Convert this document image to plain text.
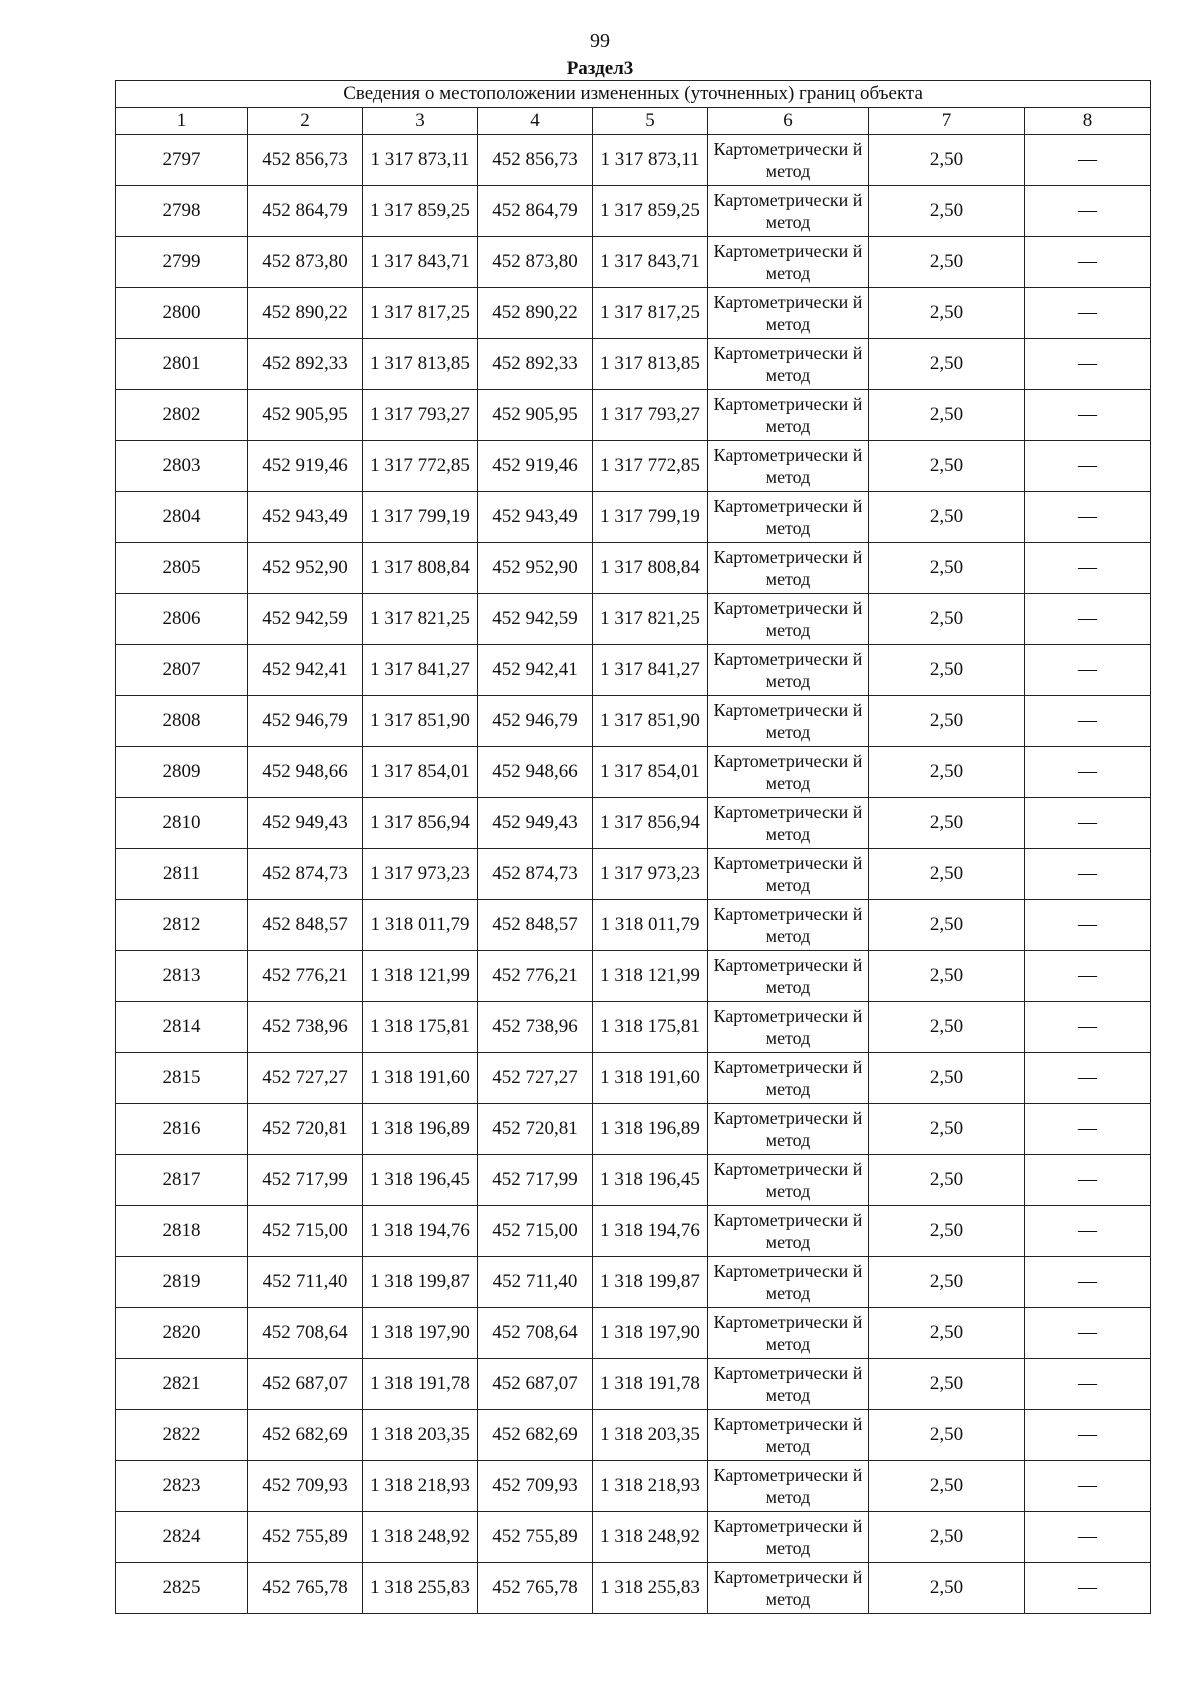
99
Раздел3
Сведения о местоположении измененных (уточненных) границ объекта							
1	2	3	4	5	6	7	8
2797	452 856,73	1 317 873,11	452 856,73	1 317 873,11	Картометрически й метод	2,50	—
2798	452 864,79	1 317 859,25	452 864,79	1 317 859,25	Картометрически й метод	2,50	—
2799	452 873,80	1 317 843,71	452 873,80	1 317 843,71	Картометрически й метод	2,50	—
2800	452 890,22	1 317 817,25	452 890,22	1 317 817,25	Картометрически й метод	2,50	—
2801	452 892,33	1 317 813,85	452 892,33	1 317 813,85	Картометрически й метод	2,50	—
2802	452 905,95	1 317 793,27	452 905,95	1 317 793,27	Картометрически й метод	2,50	—
2803	452 919,46	1 317 772,85	452 919,46	1 317 772,85	Картометрически й метод	2,50	—
2804	452 943,49	1 317 799,19	452 943,49	1 317 799,19	Картометрически й метод	2,50	—
2805	452 952,90	1 317 808,84	452 952,90	1 317 808,84	Картометрически й метод	2,50	—
2806	452 942,59	1 317 821,25	452 942,59	1 317 821,25	Картометрически й метод	2,50	—
2807	452 942,41	1 317 841,27	452 942,41	1 317 841,27	Картометрически й метод	2,50	—
2808	452 946,79	1 317 851,90	452 946,79	1 317 851,90	Картометрически й метод	2,50	—
2809	452 948,66	1 317 854,01	452 948,66	1 317 854,01	Картометрически й метод	2,50	—
2810	452 949,43	1 317 856,94	452 949,43	1 317 856,94	Картометрически й метод	2,50	—
2811	452 874,73	1 317 973,23	452 874,73	1 317 973,23	Картометрически й метод	2,50	—
2812	452 848,57	1 318 011,79	452 848,57	1 318 011,79	Картометрически й метод	2,50	—
2813	452 776,21	1 318 121,99	452 776,21	1 318 121,99	Картометрически й метод	2,50	—
2814	452 738,96	1 318 175,81	452 738,96	1 318 175,81	Картометрически й метод	2,50	—
2815	452 727,27	1 318 191,60	452 727,27	1 318 191,60	Картометрически й метод	2,50	—
2816	452 720,81	1 318 196,89	452 720,81	1 318 196,89	Картометрически й метод	2,50	—
2817	452 717,99	1 318 196,45	452 717,99	1 318 196,45	Картометрически й метод	2,50	—
2818	452 715,00	1 318 194,76	452 715,00	1 318 194,76	Картометрически й метод	2,50	—
2819	452 711,40	1 318 199,87	452 711,40	1 318 199,87	Картометрически й метод	2,50	—
2820	452 708,64	1 318 197,90	452 708,64	1 318 197,90	Картометрически й метод	2,50	—
2821	452 687,07	1 318 191,78	452 687,07	1 318 191,78	Картометрически й метод	2,50	—
2822	452 682,69	1 318 203,35	452 682,69	1 318 203,35	Картометрически й метод	2,50	—
2823	452 709,93	1 318 218,93	452 709,93	1 318 218,93	Картометрически й метод	2,50	—
2824	452 755,89	1 318 248,92	452 755,89	1 318 248,92	Картометрически й метод	2,50	—
2825	452 765,78	1 318 255,83	452 765,78	1 318 255,83	Картометрически й метод	2,50	—
